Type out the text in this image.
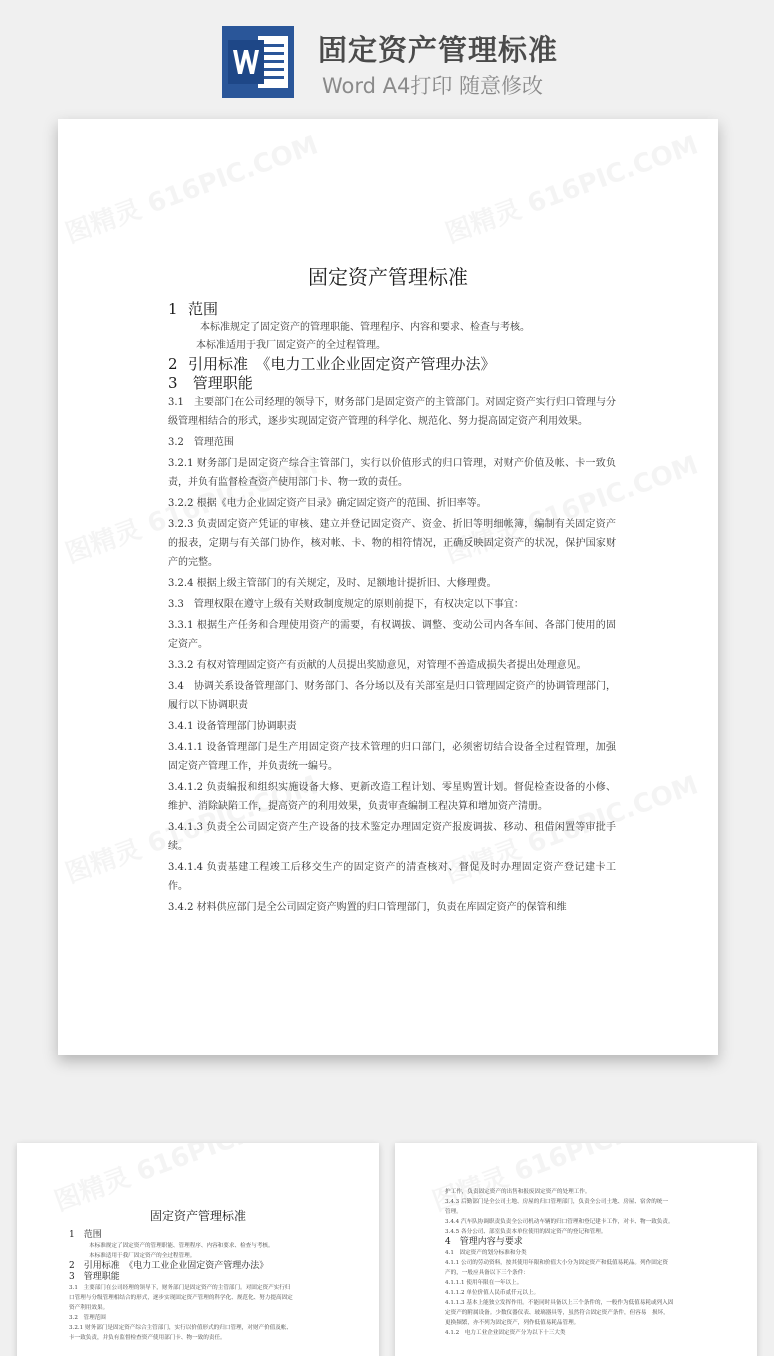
固定资产管理标准
Word A4打印 随意修改
固定资产管理标准
1 范围
本标准规定了固定资产的管理职能、管理程序、内容和要求、检查与考核。
本标准适用于我厂固定资产的全过程管理。
2 引用标准　《电力工业企业固定资产管理办法》
3 管理职能
3.1　主要部门在公司经理的领导下，财务部门是固定资产的主管部门。对固定资产实行归口管理与分级管理相结合的形式，逐步实现固定资产管理的科学化、规范化、努力提高固定资产利用效果。
3.2　管理范围
3.2.1 财务部门是固定资产综合主管部门，实行以价值形式的归口管理，对财产价值及帐、卡一致负责，并负有监督检查资产使用部门卡、物一致的责任。
3.2.2 根据《电力企业固定资产目录》确定固定资产的范围、折旧率等。
3.2.3 负责固定资产凭证的审核、建立并登记固定资产、资金、折旧等明细帐簿，编制有关固定资产的报表，定期与有关部门协作，核对帐、卡、物的相符情况，正确反映固定资产的状况，保护国家财产的完整。
3.2.4 根据上级主管部门的有关规定，及时、足额地计提折旧、大修理费。
3.3　管理权限在遵守上级有关财政制度规定的原则前提下，有权决定以下事宜：
3.3.1 根据生产任务和合理使用资产的需要，有权调拔、调整、变动公司内各车间、各部门使用的固定资产。
3.3.2 有权对管理固定资产有贡献的人员提出奖励意见，对管理不善造成损失者提出处理意见。
3.4　协调关系设备管理部门、财务部门、各分场以及有关部室是归口管理固定资产的协调管理部门，履行以下协调职责
3.4.1 设备管理部门协调职责
3.4.1.1 设备管理部门是生产用固定资产技术管理的归口部门，必须密切结合设备全过程管理，加强固定资产管理工作，并负责统一编号。
3.4.1.2 负责编报和组织实施设备大修、更新改造工程计划、零星购置计划。督促检查设备的小修、维护、消除缺陷工作，提高资产的利用效果，负责审查编制工程决算和增加资产清册。
3.4.1.3 负责全公司固定资产生产设备的技术鉴定办理固定资产报废调拔、移动、租借闲置等审批手续。
3.4.1.4 负责基建工程竣工后移交生产的固定资产的清查核对、督促及时办理固定资产登记建卡工作。
3.4.2 材料供应部门是全公司固定资产购置的归口管理部门，负责在库固定资产的保管和维
固定资产管理标准
1　范围
本标准规定了固定资产的管理职能、管理程序、内容和要求、检查与考核。
本标准适用于我厂固定资产的全过程管理。
2　引用标准　《电力工业企业固定资产管理办法》
3　管理职能
3.1　主要部门在公司经理的领导下，财务部门是固定资产的主管部门。对固定资产实行归
口管理与分级管理相结合的形式，逐步实现固定资产管理的科学化、规范化、努力提高固定
资产利用效果。
3.2　管理范围
3.2.1 财务部门是固定资产综合主管部门，实行以价值形式的归口管理，对财产价值及帐、
卡一致负责，并负有监督检查资产使用部门卡、物一致的责任。
护工作，负责固定资产的出售和报废固定资产的处理工作。
3.4.3 后勤部门是全公司土地、房屋的归口管理部门，负责全公司土地、房屋、宿舍的统一
管理。
3.4.4 汽车队协调职责负责全公司机动车辆的归口管理和登记建卡工作，对卡、物一致负责。
3.4.5 各分公司、部室负责本单位使用的固定资产的登记和管理。
4　管理内容与要求
4.1　固定资产的划分标准和分类
4.1.1 公司的劳动资料，按其使用年限和价值大小分为固定资产和低值易耗品。列作固定资
产的，一般应具备以下三个条件：
4.1.1.1 使用年限在一年以上。
4.1.1.2 单位价值人民币贰仟元以上。
4.1.1.3 基本上能独立发挥作用。不能同时具备以上三个条件的，一般作为低值易耗或列入固
定资产的附属设备。少数仪器仪表、玻璃器具等，虽然符合固定资产条件，但容易　损坏，
更换频繁，亦不列为固定资产，列作低值易耗品管理。
4.1.2　电力工业企业固定资产分为以下十三大类
